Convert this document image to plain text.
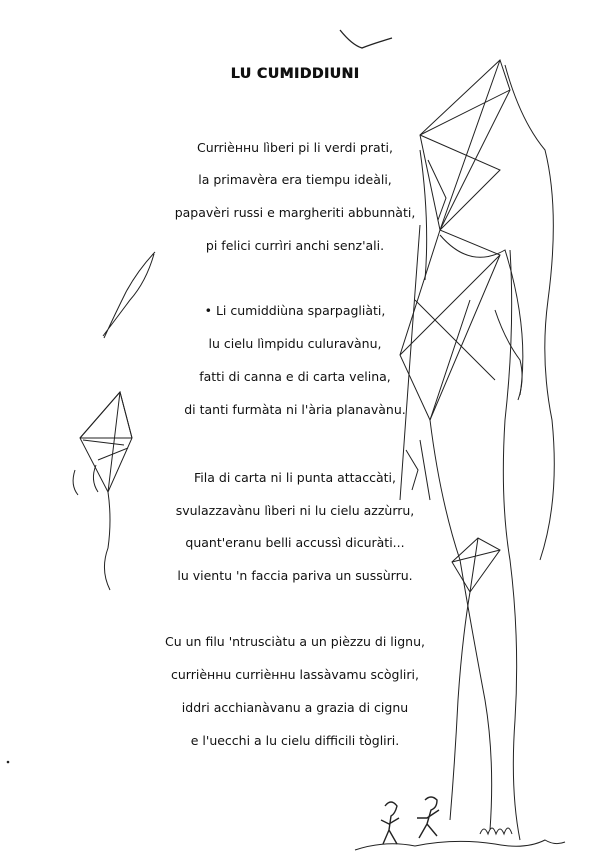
LU CUMIDDIUNI
Currièннu lìberi pi li verdi prati,
la primavèra era tiempu ideàli,
papavèri russi e margheriti abbunnàti,
pi felici currìri anchi senz'ali.
• Li cumiddiùna sparpagliàti,
lu cielu lìmpidu culuravànu,
fatti di canna e di carta velina,
di tanti furmàta ni l'ària planavànu.
Fila di carta ni li punta attaccàti,
svulazzavànu lìberi ni lu cielu azzùrru,
quant'eranu belli accussì dicuràti...
lu vientu 'n faccia pariva un sussùrru.
Cu un filu 'ntrusciàtu a un pièzzu di lignu,
currièннu currièннu lassàvamu scògliri,
iddri acchianàvanu a grazia di cignu
e l'uecchi a lu cielu difficili tògliri.
